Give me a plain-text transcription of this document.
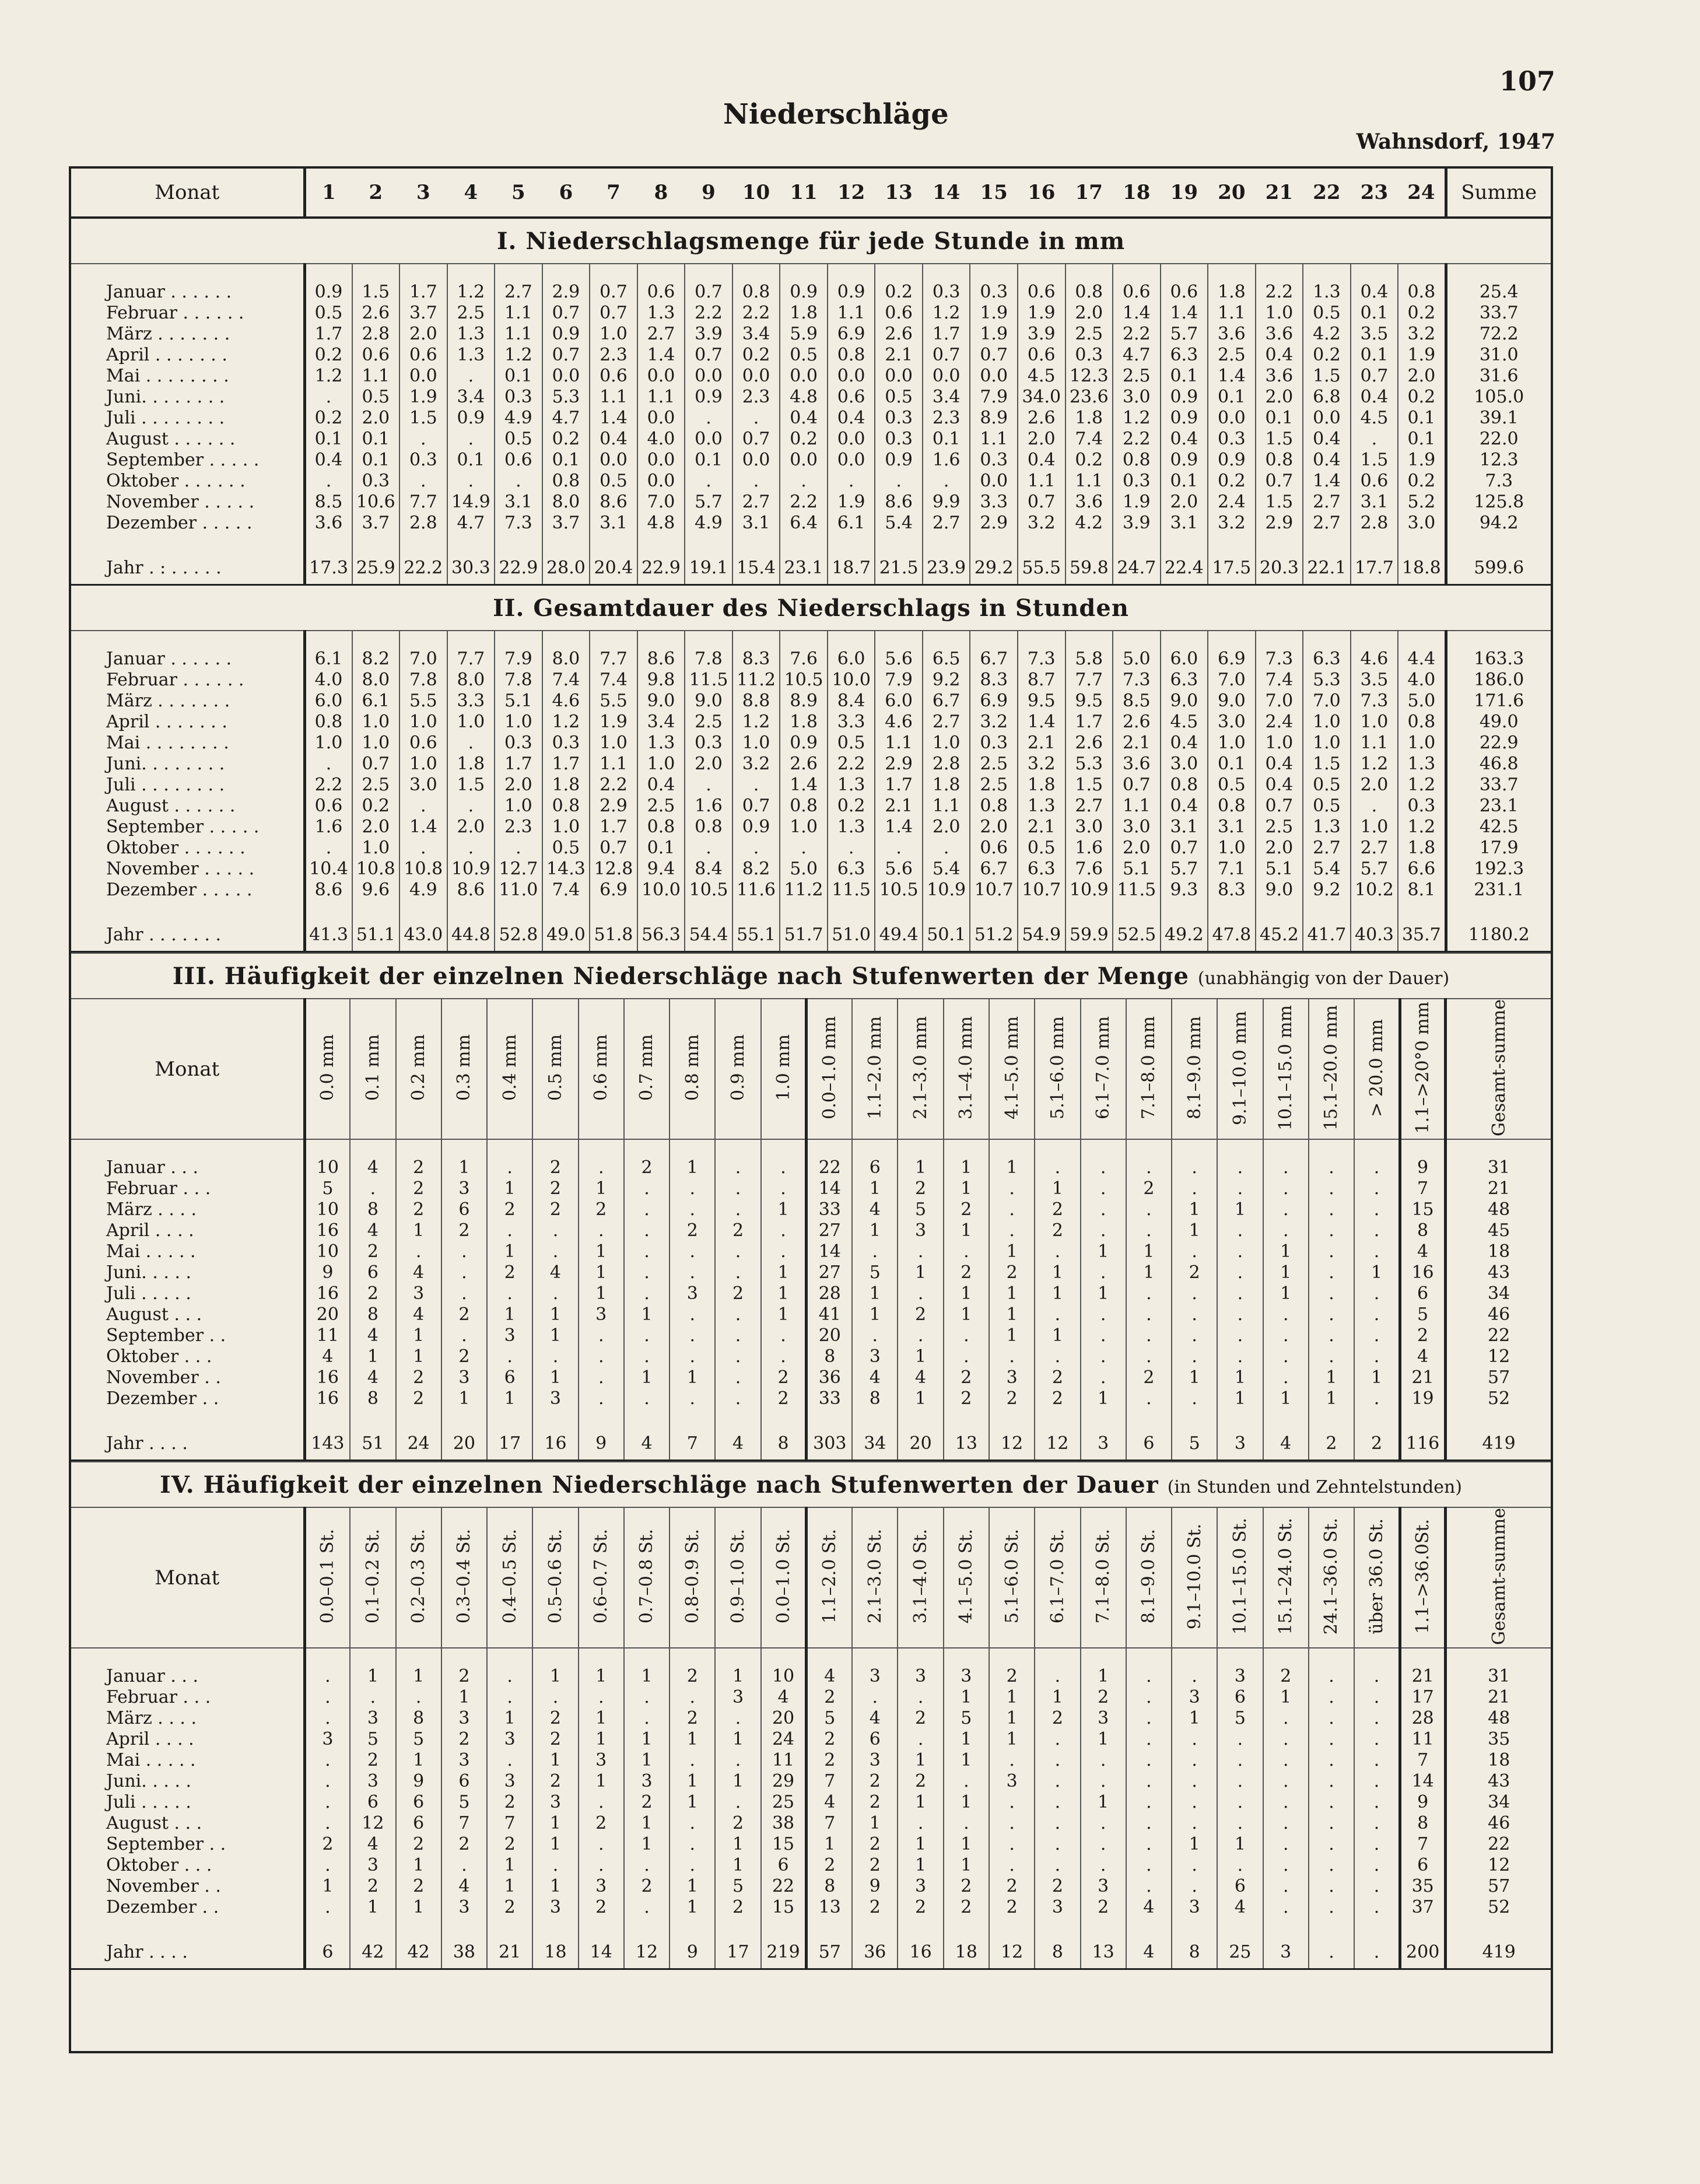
107
Niederschläge
Wahnsdorf, 1947
Monat	1	2	3	4	5	6	7	8	9	10	11	12	13	14	15	16	17	18	19	20	21	22	23	24	Summe
I. Niederschlagsmenge für jede Stunde in mm																									

Januar . . . . . .	0.9	1.5	1.7	1.2	2.7	2.9	0.7	0.6	0.7	0.8	0.9	0.9	0.2	0.3	0.3	0.6	0.8	0.6	0.6	1.8	2.2	1.3	0.4	0.8	25.4
Februar . . . . . .	0.5	2.6	3.7	2.5	1.1	0.7	0.7	1.3	2.2	2.2	1.8	1.1	0.6	1.2	1.9	1.9	2.0	1.4	1.4	1.1	1.0	0.5	0.1	0.2	33.7
März . . . . . . .	1.7	2.8	2.0	1.3	1.1	0.9	1.0	2.7	3.9	3.4	5.9	6.9	2.6	1.7	1.9	3.9	2.5	2.2	5.7	3.6	3.6	4.2	3.5	3.2	72.2
April . . . . . . .	0.2	0.6	0.6	1.3	1.2	0.7	2.3	1.4	0.7	0.2	0.5	0.8	2.1	0.7	0.7	0.6	0.3	4.7	6.3	2.5	0.4	0.2	0.1	1.9	31.0
Mai . . . . . . . .	1.2	1.1	0.0	.	0.1	0.0	0.6	0.0	0.0	0.0	0.0	0.0	0.0	0.0	0.0	4.5	12.3	2.5	0.1	1.4	3.6	1.5	0.7	2.0	31.6
Juni. . . . . . . .	.	0.5	1.9	3.4	0.3	5.3	1.1	1.1	0.9	2.3	4.8	0.6	0.5	3.4	7.9	34.0	23.6	3.0	0.9	0.1	2.0	6.8	0.4	0.2	105.0
Juli . . . . . . . .	0.2	2.0	1.5	0.9	4.9	4.7	1.4	0.0	.	.	0.4	0.4	0.3	2.3	8.9	2.6	1.8	1.2	0.9	0.0	0.1	0.0	4.5	0.1	39.1
August . . . . . .	0.1	0.1	.	.	0.5	0.2	0.4	4.0	0.0	0.7	0.2	0.0	0.3	0.1	1.1	2.0	7.4	2.2	0.4	0.3	1.5	0.4	.	0.1	22.0
September . . . . .	0.4	0.1	0.3	0.1	0.6	0.1	0.0	0.0	0.1	0.0	0.0	0.0	0.9	1.6	0.3	0.4	0.2	0.8	0.9	0.9	0.8	0.4	1.5	1.9	12.3
Oktober . . . . . .	.	0.3	.	.	.	0.8	0.5	0.0	.	.	.	.	.	.	0.0	1.1	1.1	0.3	0.1	0.2	0.7	1.4	0.6	0.2	7.3
November . . . . .	8.5	10.6	7.7	14.9	3.1	8.0	8.6	7.0	5.7	2.7	2.2	1.9	8.6	9.9	3.3	0.7	3.6	1.9	2.0	2.4	1.5	2.7	3.1	5.2	125.8
Dezember . . . . .	3.6	3.7	2.8	4.7	7.3	3.7	3.1	4.8	4.9	3.1	6.4	6.1	5.4	2.7	2.9	3.2	4.2	3.9	3.1	3.2	2.9	2.7	2.8	3.0	94.2

Jahr . : . . . . .	17.3	25.9	22.2	30.3	22.9	28.0	20.4	22.9	19.1	15.4	23.1	18.7	21.5	23.9	29.2	55.5	59.8	24.7	22.4	17.5	20.3	22.1	17.7	18.8	599.6
II. Gesamtdauer des Niederschlags in Stunden																									

Januar . . . . . .	6.1	8.2	7.0	7.7	7.9	8.0	7.7	8.6	7.8	8.3	7.6	6.0	5.6	6.5	6.7	7.3	5.8	5.0	6.0	6.9	7.3	6.3	4.6	4.4	163.3
Februar . . . . . .	4.0	8.0	7.8	8.0	7.8	7.4	7.4	9.8	11.5	11.2	10.5	10.0	7.9	9.2	8.3	8.7	7.7	7.3	6.3	7.0	7.4	5.3	3.5	4.0	186.0
März . . . . . . .	6.0	6.1	5.5	3.3	5.1	4.6	5.5	9.0	9.0	8.8	8.9	8.4	6.0	6.7	6.9	9.5	9.5	8.5	9.0	9.0	7.0	7.0	7.3	5.0	171.6
April . . . . . . .	0.8	1.0	1.0	1.0	1.0	1.2	1.9	3.4	2.5	1.2	1.8	3.3	4.6	2.7	3.2	1.4	1.7	2.6	4.5	3.0	2.4	1.0	1.0	0.8	49.0
Mai . . . . . . . .	1.0	1.0	0.6	.	0.3	0.3	1.0	1.3	0.3	1.0	0.9	0.5	1.1	1.0	0.3	2.1	2.6	2.1	0.4	1.0	1.0	1.0	1.1	1.0	22.9
Juni. . . . . . . .	.	0.7	1.0	1.8	1.7	1.7	1.1	1.0	2.0	3.2	2.6	2.2	2.9	2.8	2.5	3.2	5.3	3.6	3.0	0.1	0.4	1.5	1.2	1.3	46.8
Juli . . . . . . . .	2.2	2.5	3.0	1.5	2.0	1.8	2.2	0.4	.	.	1.4	1.3	1.7	1.8	2.5	1.8	1.5	0.7	0.8	0.5	0.4	0.5	2.0	1.2	33.7
August . . . . . .	0.6	0.2	.	.	1.0	0.8	2.9	2.5	1.6	0.7	0.8	0.2	2.1	1.1	0.8	1.3	2.7	1.1	0.4	0.8	0.7	0.5	.	0.3	23.1
September . . . . .	1.6	2.0	1.4	2.0	2.3	1.0	1.7	0.8	0.8	0.9	1.0	1.3	1.4	2.0	2.0	2.1	3.0	3.0	3.1	3.1	2.5	1.3	1.0	1.2	42.5
Oktober . . . . . .	.	1.0	.	.	.	0.5	0.7	0.1	.	.	.	.	.	.	0.6	0.5	1.6	2.0	0.7	1.0	2.0	2.7	2.7	1.8	17.9
November . . . . .	10.4	10.8	10.8	10.9	12.7	14.3	12.8	9.4	8.4	8.2	5.0	6.3	5.6	5.4	6.7	6.3	7.6	5.1	5.7	7.1	5.1	5.4	5.7	6.6	192.3
Dezember . . . . .	8.6	9.6	4.9	8.6	11.0	7.4	6.9	10.0	10.5	11.6	11.2	11.5	10.5	10.9	10.7	10.7	10.9	11.5	9.3	8.3	9.0	9.2	10.2	8.1	231.1

Jahr . . . . . . .	41.3	51.1	43.0	44.8	52.8	49.0	51.8	56.3	54.4	55.1	51.7	51.0	49.4	50.1	51.2	54.9	59.9	52.5	49.2	47.8	45.2	41.7	40.3	35.7	1180.2
III. Häufigkeit der einzelnen Niederschläge nach Stufenwerten der Menge (unabhängig von der Dauer)																										
Monat	0.0 mm	0.1 mm	0.2 mm	0.3 mm	0.4 mm	0.5 mm	0.6 mm	0.7 mm	0.8 mm	0.9 mm	1.0 mm	0.0–1.0 mm	1.1–2.0 mm	2.1–3.0 mm	3.1–4.0 mm	4.1–5.0 mm	5.1–6.0 mm	6.1–7.0 mm	7.1–8.0 mm	8.1–9.0 mm	9.1–10.0 mm	10.1–15.0 mm	15.1–20.0 mm	> 20.0 mm	1.1–>20°0 mm	Gesamt-summe

Januar . . .	10	4	2	1	.	2	.	2	1	.	.	22	6	1	1	1	.	.	.	.	.	.	.	.	9	31
Februar . . .	5	.	2	3	1	2	1	.	.	.	.	14	1	2	1	.	1	.	2	.	.	.	.	.	7	21
März . . . .	10	8	2	6	2	2	2	.	.	.	1	33	4	5	2	.	2	.	.	1	1	.	.	.	15	48
April . . . .	16	4	1	2	.	.	.	.	2	2	.	27	1	3	1	.	2	.	.	1	.	.	.	.	8	45
Mai . . . . .	10	2	.	.	1	.	1	.	.	.	.	14	.	.	.	1	.	1	1	.	.	1	.	.	4	18
Juni. . . . .	9	6	4	.	2	4	1	.	.	.	1	27	5	1	2	2	1	.	1	2	.	1	.	1	16	43
Juli . . . . .	16	2	3	.	.	.	1	.	3	2	1	28	1	.	1	1	1	1	.	.	.	1	.	.	6	34
August . . .	20	8	4	2	1	1	3	1	.	.	1	41	1	2	1	1	.	.	.	.	.	.	.	.	5	46
September . .	11	4	1	.	3	1	.	.	.	.	.	20	.	.	.	1	1	.	.	.	.	.	.	.	2	22
Oktober . . .	4	1	1	2	.	.	.	.	.	.	.	8	3	1	.	.	.	.	.	.	.	.	.	.	4	12
November . .	16	4	2	3	6	1	.	1	1	.	2	36	4	4	2	3	2	.	2	1	1	.	1	1	21	57
Dezember . .	16	8	2	1	1	3	.	.	.	.	2	33	8	1	2	2	2	1	.	.	1	1	1	.	19	52

Jahr . . . .	143	51	24	20	17	16	9	4	7	4	8	303	34	20	13	12	12	3	6	5	3	4	2	2	116	419
IV. Häufigkeit der einzelnen Niederschläge nach Stufenwerten der Dauer (in Stunden und Zehntelstunden)																										
Monat	0.0–0.1 St.	0.1–0.2 St.	0.2–0.3 St.	0.3–0.4 St.	0.4–0.5 St.	0.5–0.6 St.	0.6–0.7 St.	0.7–0.8 St.	0.8–0.9 St.	0.9–1.0 St.	0.0–1.0 St.	1.1–2.0 St.	2.1–3.0 St.	3.1–4.0 St.	4.1–5.0 St.	5.1–6.0 St.	6.1–7.0 St.	7.1–8.0 St.	8.1–9.0 St.	9.1–10.0 St.	10.1–15.0 St.	15.1–24.0 St.	24.1–36.0 St.	über 36.0 St.	1.1–>36.0St.	Gesamt-summe

Januar . . .	.	1	1	2	.	1	1	1	2	1	10	4	3	3	3	2	.	1	.	.	3	2	.	.	21	31
Februar . . .	.	.	.	1	.	.	.	.	.	3	4	2	.	.	1	1	1	2	.	3	6	1	.	.	17	21
März . . . .	.	3	8	3	1	2	1	.	2	.	20	5	4	2	5	1	2	3	.	1	5	.	.	.	28	48
April . . . .	3	5	5	2	3	2	1	1	1	1	24	2	6	.	1	1	.	1	.	.	.	.	.	.	11	35
Mai . . . . .	.	2	1	3	.	1	3	1	.	.	11	2	3	1	1	.	.	.	.	.	.	.	.	.	7	18
Juni. . . . .	.	3	9	6	3	2	1	3	1	1	29	7	2	2	.	3	.	.	.	.	.	.	.	.	14	43
Juli . . . . .	.	6	6	5	2	3	.	2	1	.	25	4	2	1	1	.	.	1	.	.	.	.	.	.	9	34
August . . .	.	12	6	7	7	1	2	1	.	2	38	7	1	.	.	.	.	.	.	.	.	.	.	.	8	46
September . .	2	4	2	2	2	1	.	1	.	1	15	1	2	1	1	.	.	.	.	1	1	.	.	.	7	22
Oktober . . .	.	3	1	.	1	.	.	.	.	1	6	2	2	1	1	.	.	.	.	.	.	.	.	.	6	12
November . .	1	2	2	4	1	1	3	2	1	5	22	8	9	3	2	2	2	3	.	.	6	.	.	.	35	57
Dezember . .	.	1	1	3	2	3	2	.	1	2	15	13	2	2	2	2	3	2	4	3	4	.	.	.	37	52

Jahr . . . .	6	42	42	38	21	18	14	12	9	17	219	57	36	16	18	12	8	13	4	8	25	3	.	.	200	419
